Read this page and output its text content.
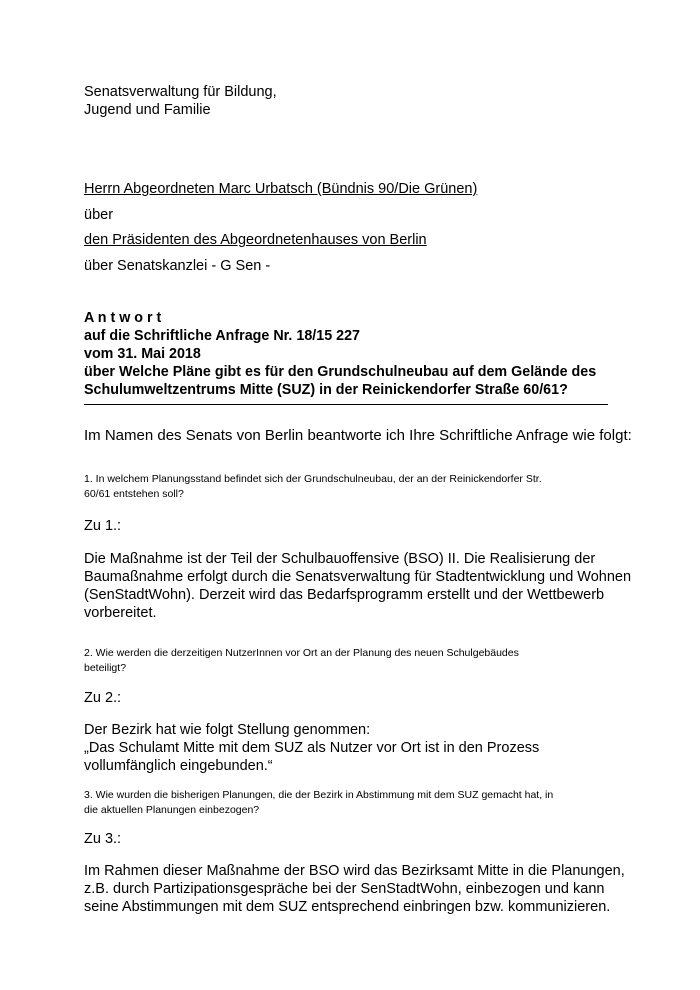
Senatsverwaltung für Bildung,
Jugend und Familie

Herrn Abgeordneten Marc Urbatsch (Bündnis 90/Die Grünen)

über

den Präsidenten des Abgeordnetenhauses von Berlin

über Senatskanzlei - G Sen -

A n t w o r t
auf die Schriftliche Anfrage Nr. 18/15 227
vom 31. Mai 2018
über Welche Pläne gibt es für den Grundschulneubau auf dem Gelände des
Schulumweltzentrums Mitte (SUZ) in der Reinickendorfer Straße 60/61?

Im Namen des Senats von Berlin beantworte ich Ihre Schriftliche Anfrage wie folgt:

1. In welchem Planungsstand befindet sich der Grundschulneubau, der an der Reinickendorfer Str.
60/61 entstehen soll?

Zu 1.:

Die Maßnahme ist der Teil der Schulbauoffensive (BSO) II. Die Realisierung der
Baumaßnahme erfolgt durch die Senatsverwaltung für Stadtentwicklung und Wohnen
(SenStadtWohn). Derzeit wird das Bedarfsprogramm erstellt und der Wettbewerb
vorbereitet.
2. Wie werden die derzeitigen NutzerInnen vor Ort an der Planung des neuen Schulgebäudes
beteiligt?

Zu 2.:

Der Bezirk hat wie folgt Stellung genommen:
„Das Schulamt Mitte mit dem SUZ als Nutzer vor Ort ist in den Prozess
vollumfänglich eingebunden.“
3. Wie wurden die bisherigen Planungen, die der Bezirk in Abstimmung mit dem SUZ gemacht hat, in
die aktuellen Planungen einbezogen?

Zu 3.:

Im Rahmen dieser Maßnahme der BSO wird das Bezirksamt Mitte in die Planungen,
z.B. durch Partizipationsgespräche bei der SenStadtWohn, einbezogen und kann
seine Abstimmungen mit dem SUZ entsprechend einbringen bzw. kommunizieren.
